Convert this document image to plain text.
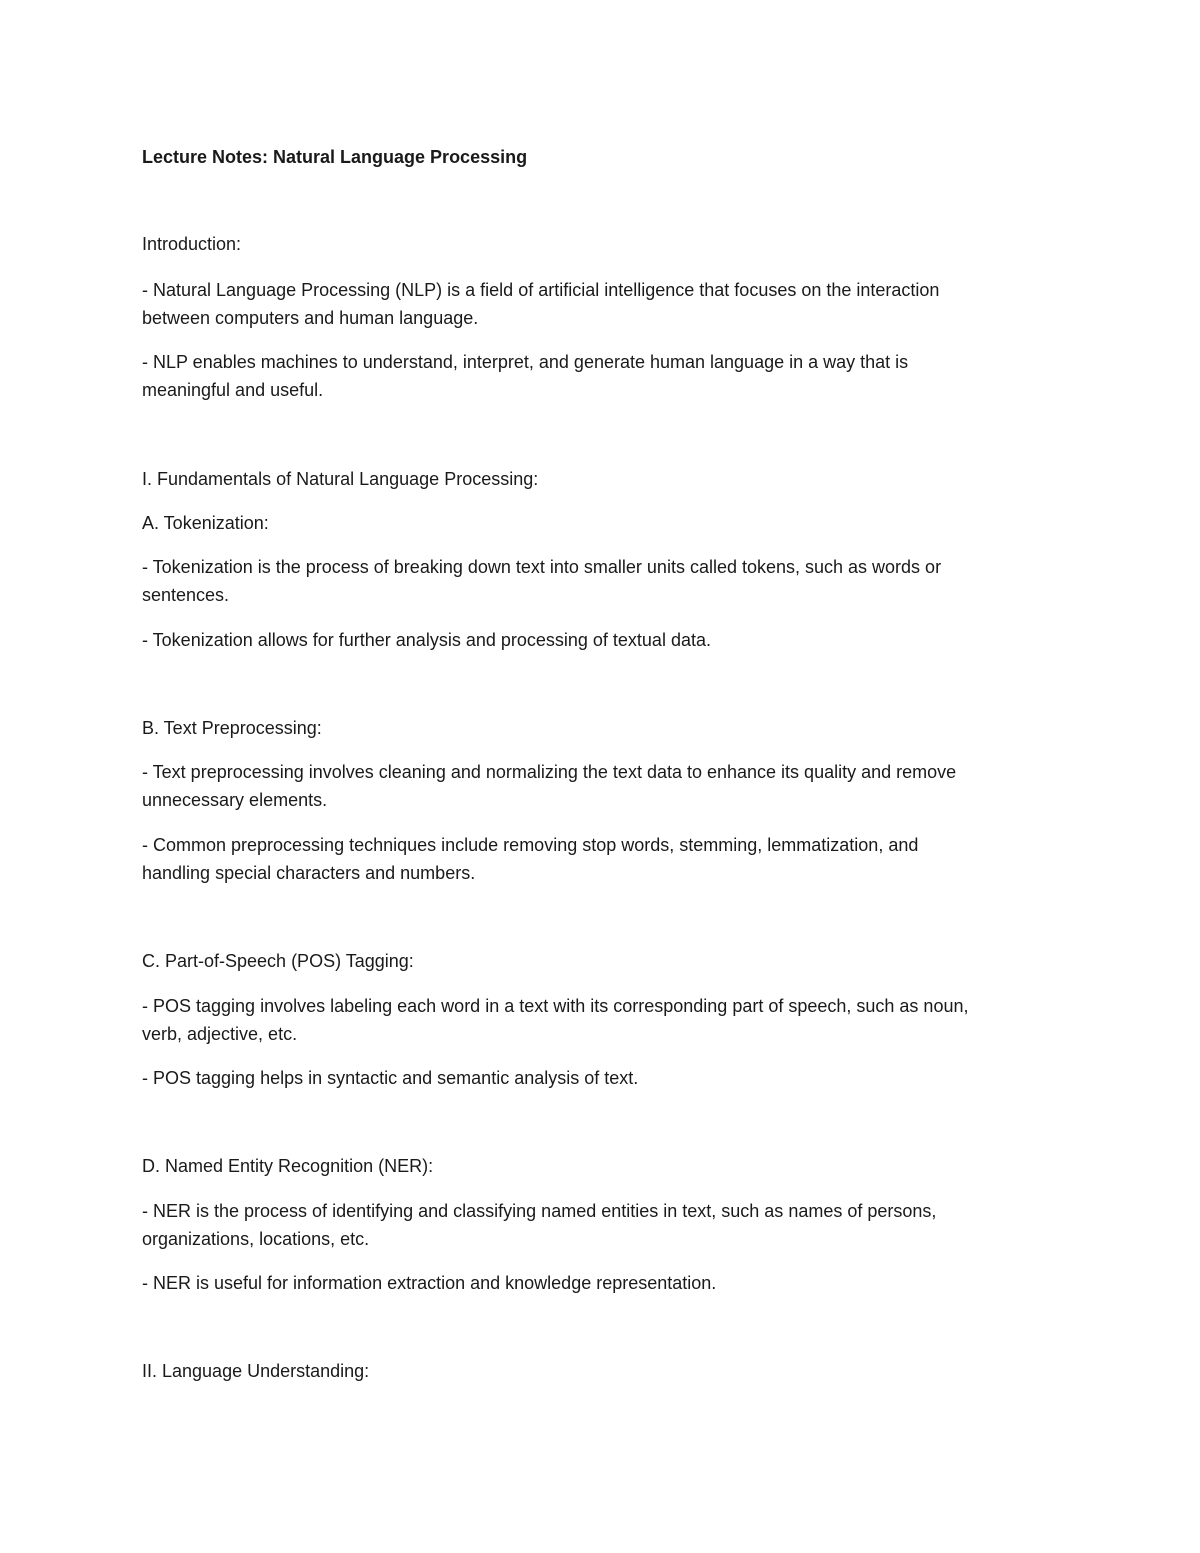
Lecture Notes: Natural Language Processing

Introduction:

- Natural Language Processing (NLP) is a field of artificial intelligence that focuses on the interaction

between computers and human language.

- NLP enables machines to understand, interpret, and generate human language in a way that is

meaningful and useful.

I. Fundamentals of Natural Language Processing:

A. Tokenization:

- Tokenization is the process of breaking down text into smaller units called tokens, such as words or

sentences.

- Tokenization allows for further analysis and processing of textual data.

B. Text Preprocessing:

- Text preprocessing involves cleaning and normalizing the text data to enhance its quality and remove

unnecessary elements.

- Common preprocessing techniques include removing stop words, stemming, lemmatization, and

handling special characters and numbers.

C. Part-of-Speech (POS) Tagging:

- POS tagging involves labeling each word in a text with its corresponding part of speech, such as noun,

verb, adjective, etc.

- POS tagging helps in syntactic and semantic analysis of text.

D. Named Entity Recognition (NER):

- NER is the process of identifying and classifying named entities in text, such as names of persons,

organizations, locations, etc.

- NER is useful for information extraction and knowledge representation.

II. Language Understanding:
